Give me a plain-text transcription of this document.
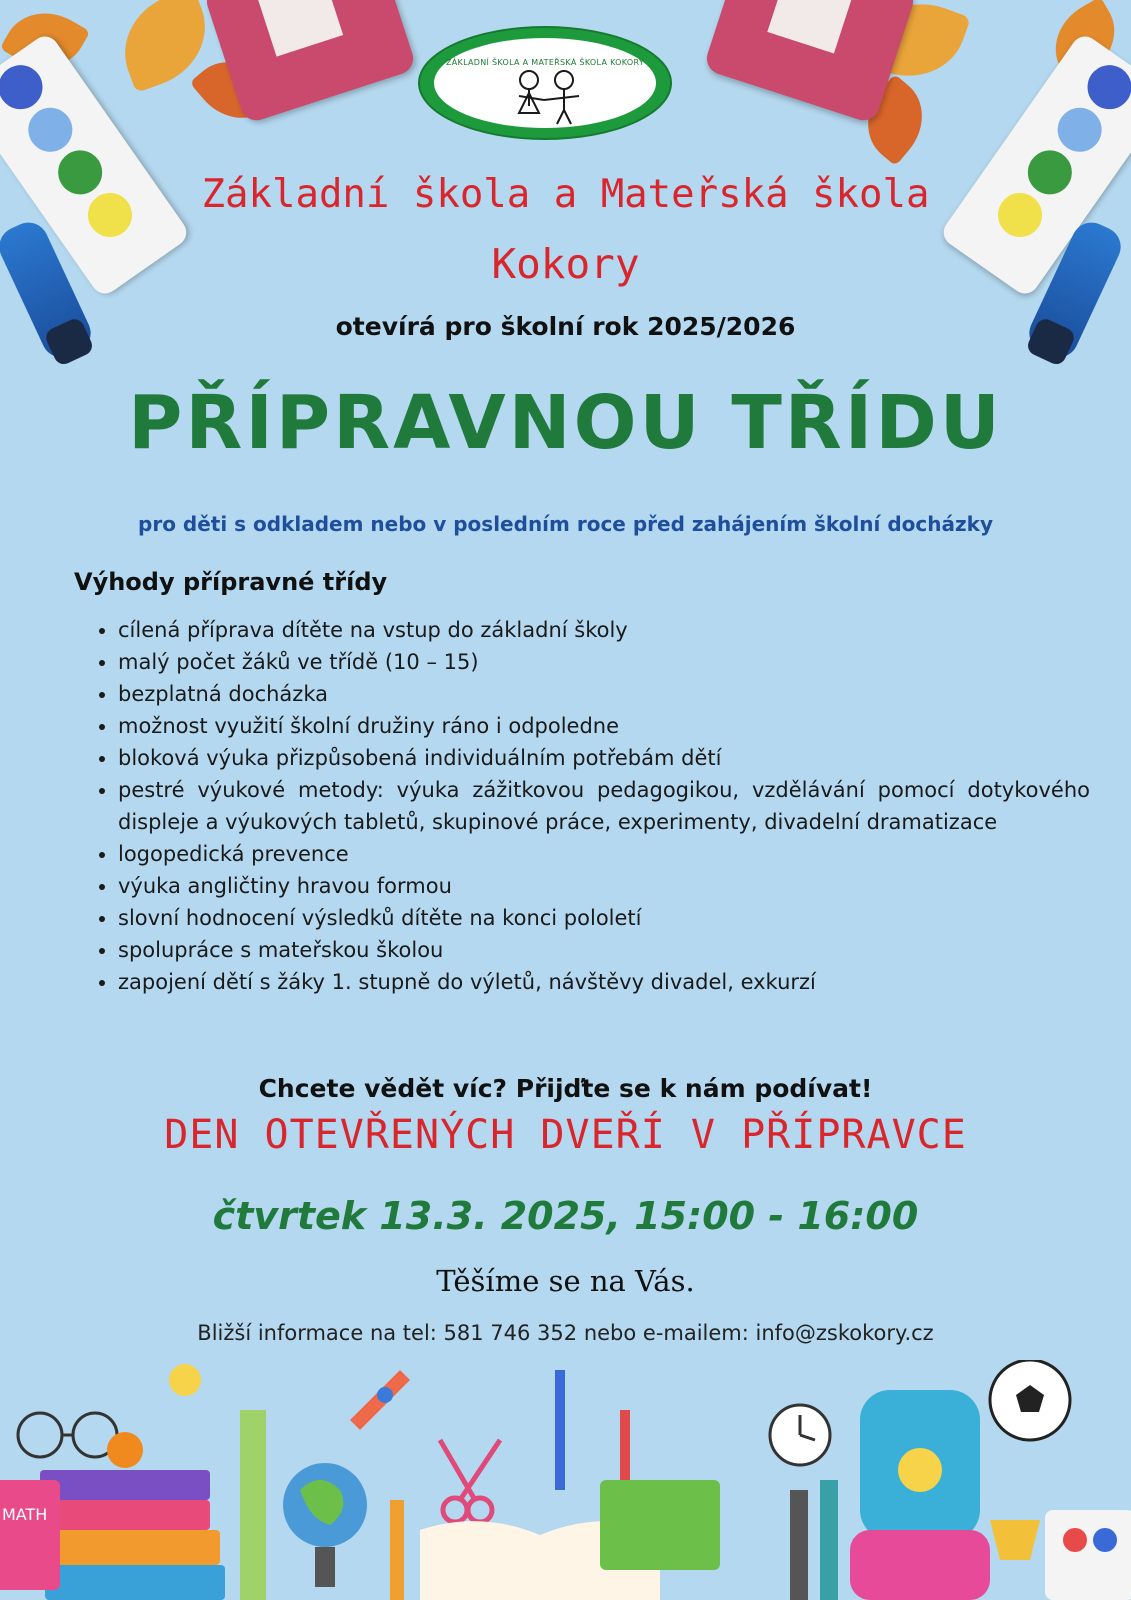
ZÁKLADNÍ ŠKOLA A MATEŘSKÁ ŠKOLA KOKORY
Základní škola a Mateřská škola
Kokory
otevírá pro školní rok 2025/2026
PŘÍPRAVNOU TŘÍDU
pro děti s odkladem nebo v posledním roce před zahájením školní docházky
Výhody přípravné třídy
• cílená příprava dítěte na vstup do základní školy
• malý počet žáků ve třídě (10 – 15)
• bezplatná docházka
• možnost využití školní družiny ráno i odpoledne
• bloková výuka přizpůsobená individuálním potřebám dětí
• pestré výukové metody: výuka zážitkovou pedagogikou, vzdělávání pomocí dotykového displeje a výukových tabletů, skupinové práce, experimenty, divadelní dramatizace
• logopedická prevence
• výuka angličtiny hravou formou
• slovní hodnocení výsledků dítěte na konci pololetí
• spolupráce s mateřskou školou
• zapojení dětí s žáky 1. stupně do výletů, návštěvy divadel, exkurzí
Chcete vědět víc? Přijďte se k nám podívat!
DEN OTEVŘENÝCH DVEŘÍ V PŘÍPRAVCE
čtvrtek 13.3. 2025, 15:00 - 16:00
Těšíme se na Vás.
Bližší informace na tel: 581 746 352 nebo e-mailem: info@zskokory.cz
MATH
